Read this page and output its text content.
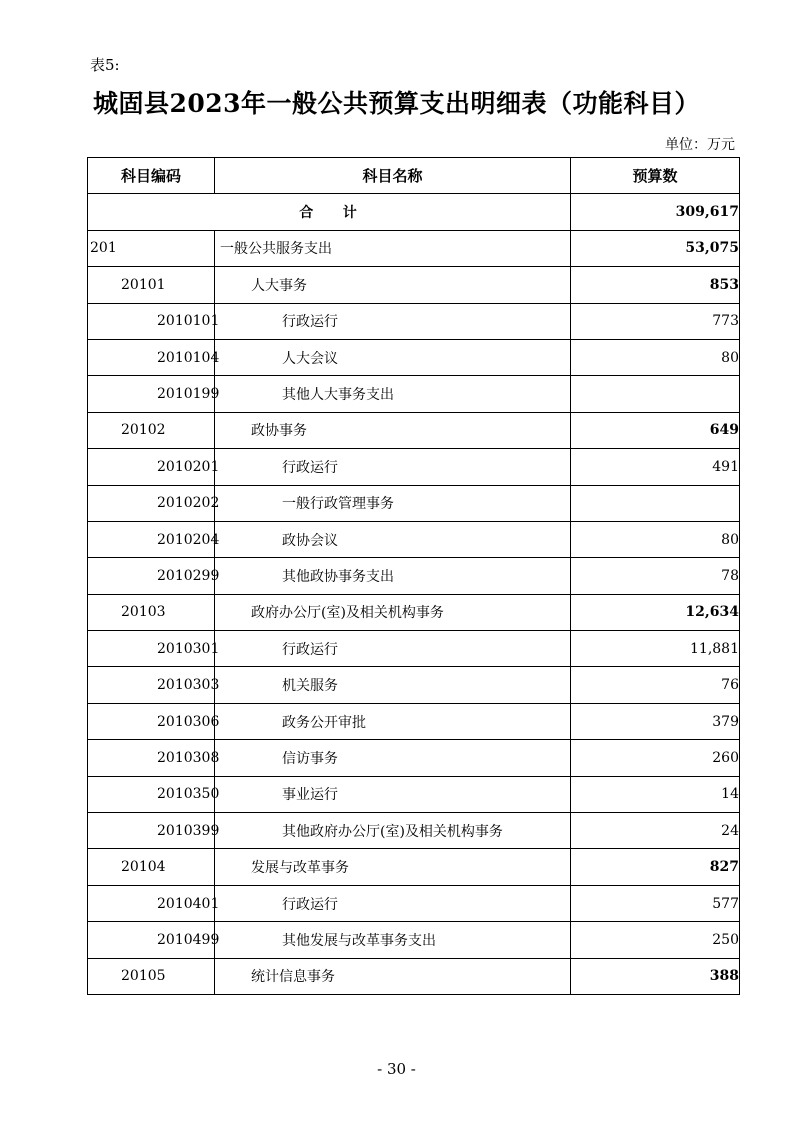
表5:
城固县2023年一般公共预算支出明细表（功能科目）
单位：万元
科目编码	科目名称	预算数
合    计		309,617
201	一般公共服务支出	53,075
20101	人大事务	853
2010101	行政运行	773
2010104	人大会议	80
2010199	其他人大事务支出	
20102	政协事务	649
2010201	行政运行	491
2010202	一般行政管理事务	
2010204	政协会议	80
2010299	其他政协事务支出	78
20103	政府办公厅(室)及相关机构事务	12,634
2010301	行政运行	11,881
2010303	机关服务	76
2010306	政务公开审批	379
2010308	信访事务	260
2010350	事业运行	14
2010399	其他政府办公厅(室)及相关机构事务	24
20104	发展与改革事务	827
2010401	行政运行	577
2010499	其他发展与改革事务支出	250
20105	统计信息事务	388
- 30 -
